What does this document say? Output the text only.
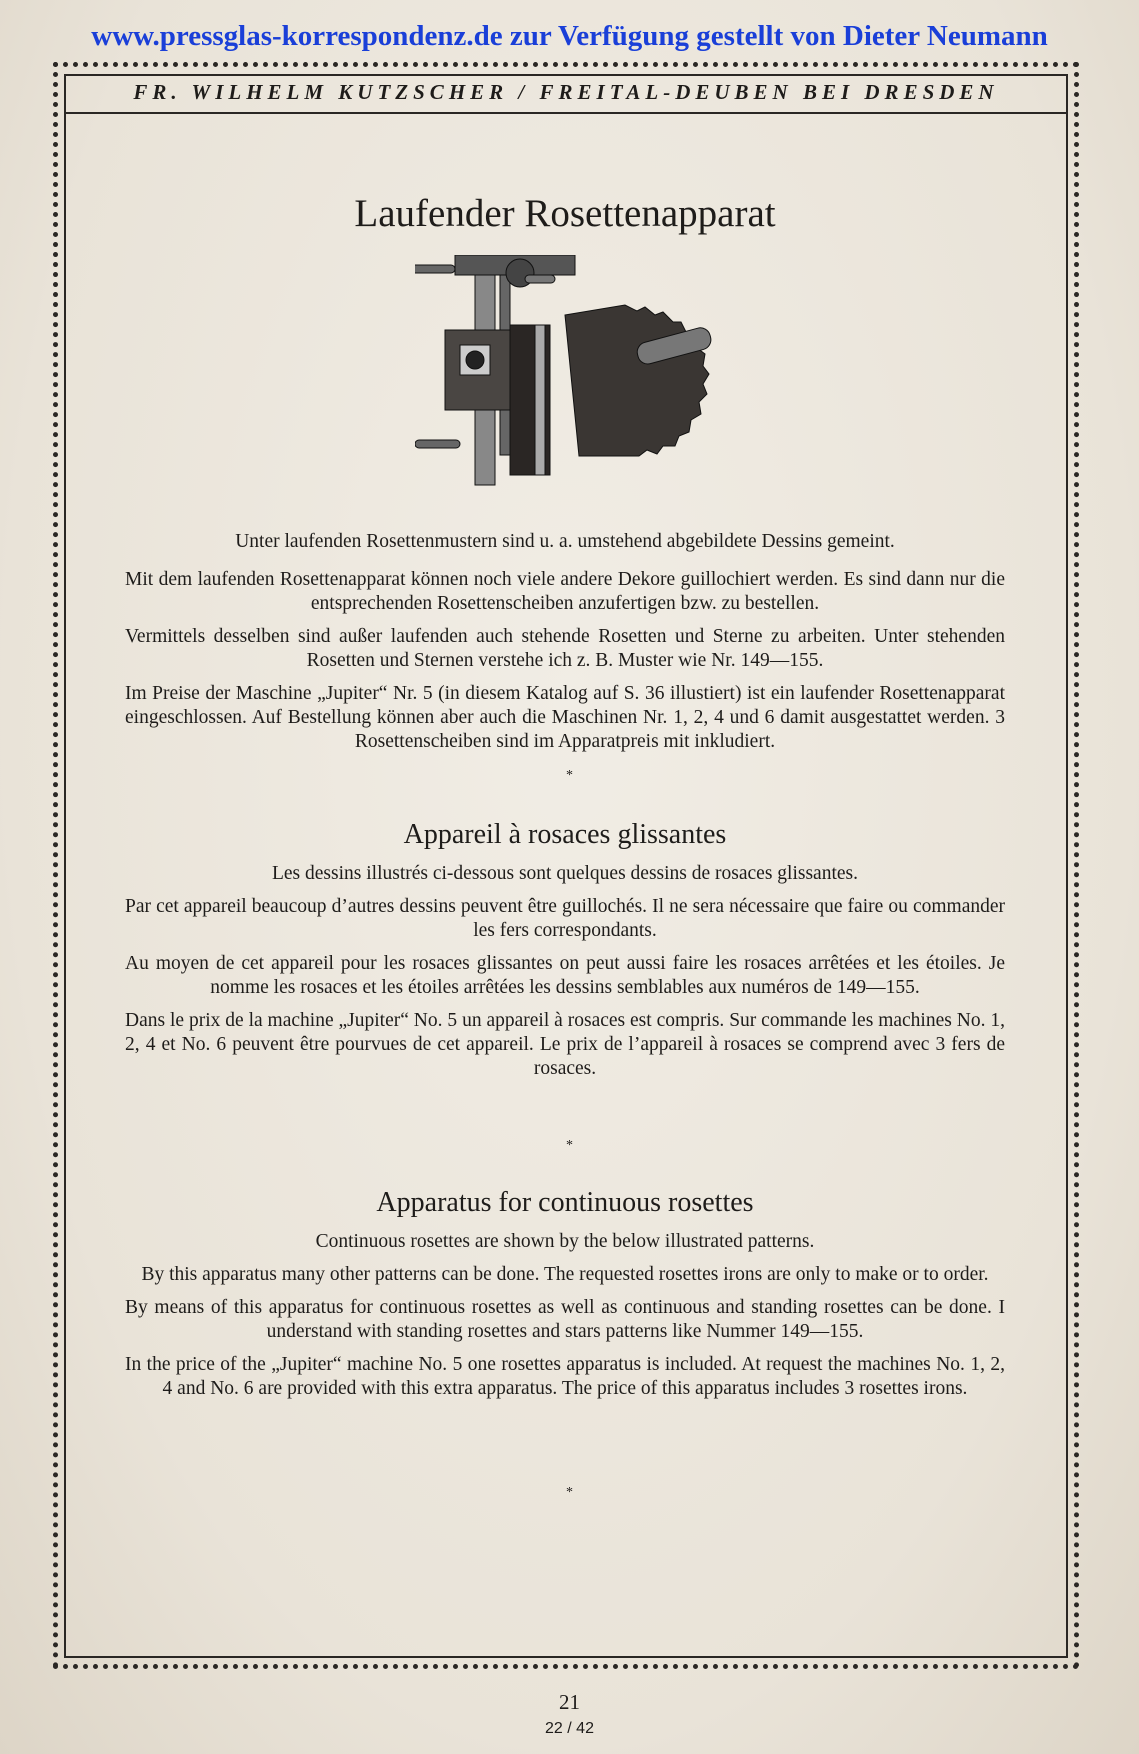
www.pressglas-korrespondenz.de zur Verfügung gestellt von Dieter Neumann
FR. WILHELM KUTZSCHER / FREITAL-DEUBEN BEI DRESDEN
Laufender Rosettenapparat

Unter laufenden Rosettenmustern sind u. a. umstehend abgebildete Dessins gemeint.

Mit dem laufenden Rosettenapparat können noch viele andere Dekore guillochiert werden. Es sind dann nur die entsprechenden Rosettenscheiben anzufertigen bzw. zu bestellen.

Vermittels desselben sind außer laufenden auch stehende Rosetten und Sterne zu arbeiten. Unter stehenden Rosetten und Sternen verstehe ich z. B. Muster wie Nr. 149—155.

Im Preise der Maschine „Jupiter“ Nr. 5 (in diesem Katalog auf S. 36 illustiert) ist ein laufender Rosettenapparat eingeschlossen. Auf Bestellung können aber auch die Maschinen Nr. 1, 2, 4 und 6 damit ausgestattet werden. 3 Rosettenscheiben sind im Apparatpreis mit inkludiert.

*
Appareil à rosaces glissantes

Les dessins illustrés ci-dessous sont quelques dessins de rosaces glissantes.

Par cet appareil beaucoup d’autres dessins peuvent être guillochés. Il ne sera nécessaire que faire ou commander les fers correspondants.

Au moyen de cet appareil pour les rosaces glissantes on peut aussi faire les rosaces arrêtées et les étoiles. Je nomme les rosaces et les étoiles arrêtées les dessins semblables aux numéros de 149—155.

Dans le prix de la machine „Jupiter“ No. 5 un appareil à rosaces est compris. Sur commande les machines No. 1, 2, 4 et No. 6 peuvent être pourvues de cet appareil. Le prix de l’appareil à rosaces se comprend avec 3 fers de rosaces.

*
Apparatus for continuous rosettes

Continuous rosettes are shown by the below illustrated patterns.

By this apparatus many other patterns can be done. The requested rosettes irons are only to make or to order.

By means of this apparatus for continuous rosettes as well as continuous and standing rosettes can be done. I understand with standing rosettes and stars patterns like Nummer 149—155.

In the price of the „Jupiter“ machine No. 5 one rosettes apparatus is included. At request the machines No. 1, 2, 4 and No. 6 are provided with this extra apparatus. The price of this apparatus includes 3 rosettes irons.

*
21
22 / 42
